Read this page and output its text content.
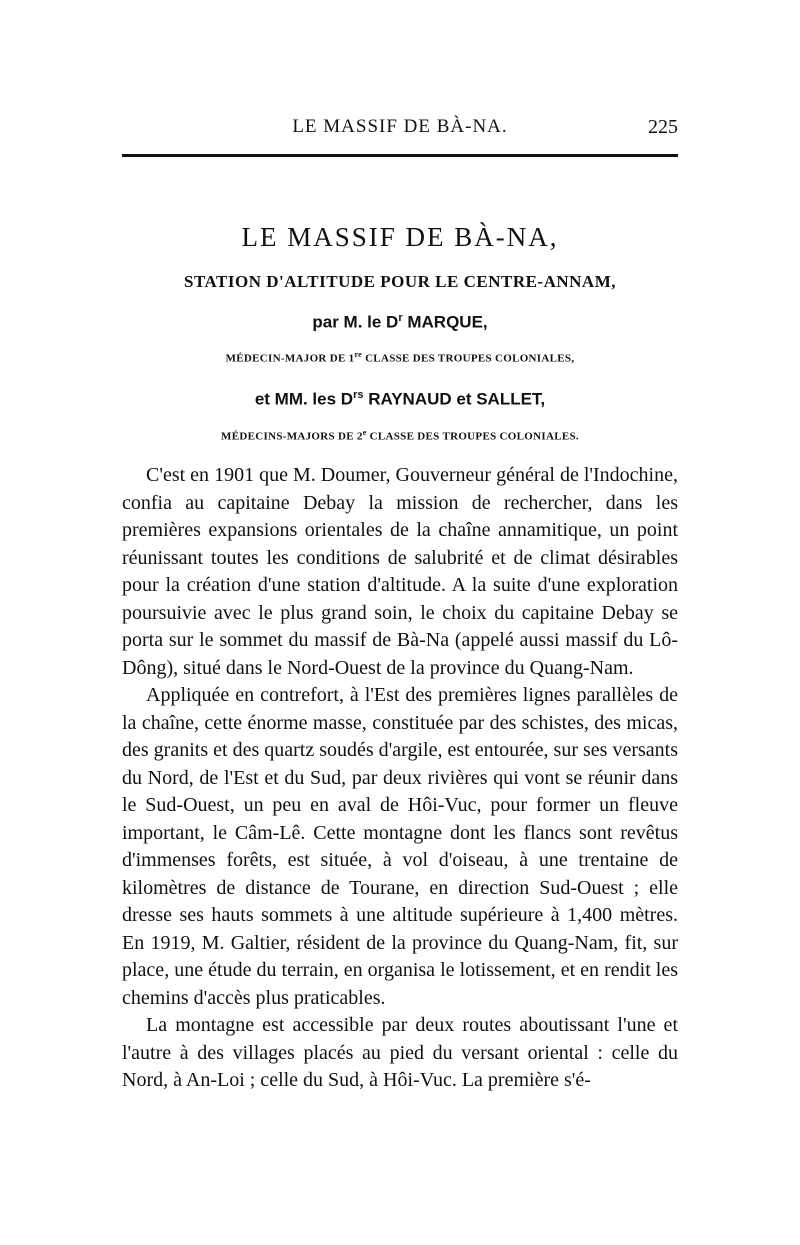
LE MASSIF DE BÀ-NA.	225
LE MASSIF DE BÀ-NA,
STATION D'ALTITUDE POUR LE CENTRE-ANNAM,
par M. le $D^r$ MARQUE,
MÉDECIN-MAJOR DE 1re CLASSE DES TROUPES COLONIALES,
et MM. les $D^{rs}$ RAYNAUD et SALLET,
MÉDECINS-MAJORS DE 2e CLASSE DES TROUPES COLONIALES.

C'est en 1901 que M. Doumer, Gouverneur général de l'Indochine, confia au capitaine Debay la mission de rechercher, dans les premières expansions orientales de la chaîne annamitique, un point réunissant toutes les conditions de salubrité et de climat désirables pour la création d'une station d'altitude. A la suite d'une exploration poursuivie avec le plus grand soin, le choix du capitaine Debay se porta sur le sommet du massif de Bà-Na (appelé aussi massif du Lô-Dông), situé dans le Nord-Ouest de la province du Quang-Nam.

Appliquée en contrefort, à l'Est des premières lignes parallèles de la chaîne, cette énorme masse, constituée par des schistes, des micas, des granits et des quartz soudés d'argile, est entourée, sur ses versants du Nord, de l'Est et du Sud, par deux rivières qui vont se réunir dans le Sud-Ouest, un peu en aval de Hôi-Vuc, pour former un fleuve important, le Câm-Lê. Cette montagne dont les flancs sont revêtus d'immenses forêts, est située, à vol d'oiseau, à une trentaine de kilomètres de distance de Tourane, en direction Sud-Ouest ; elle dresse ses hauts sommets à une altitude supérieure à 1,400 mètres. En 1919, M. Galtier, résident de la province du Quang-Nam, fit, sur place, une étude du terrain, en organisa le lotissement, et en rendit les chemins d'accès plus praticables.

La montagne est accessible par deux routes aboutissant l'une et l'autre à des villages placés au pied du versant oriental : celle du Nord, à An-Loi ; celle du Sud, à Hôi-Vuc. La première s'é-
